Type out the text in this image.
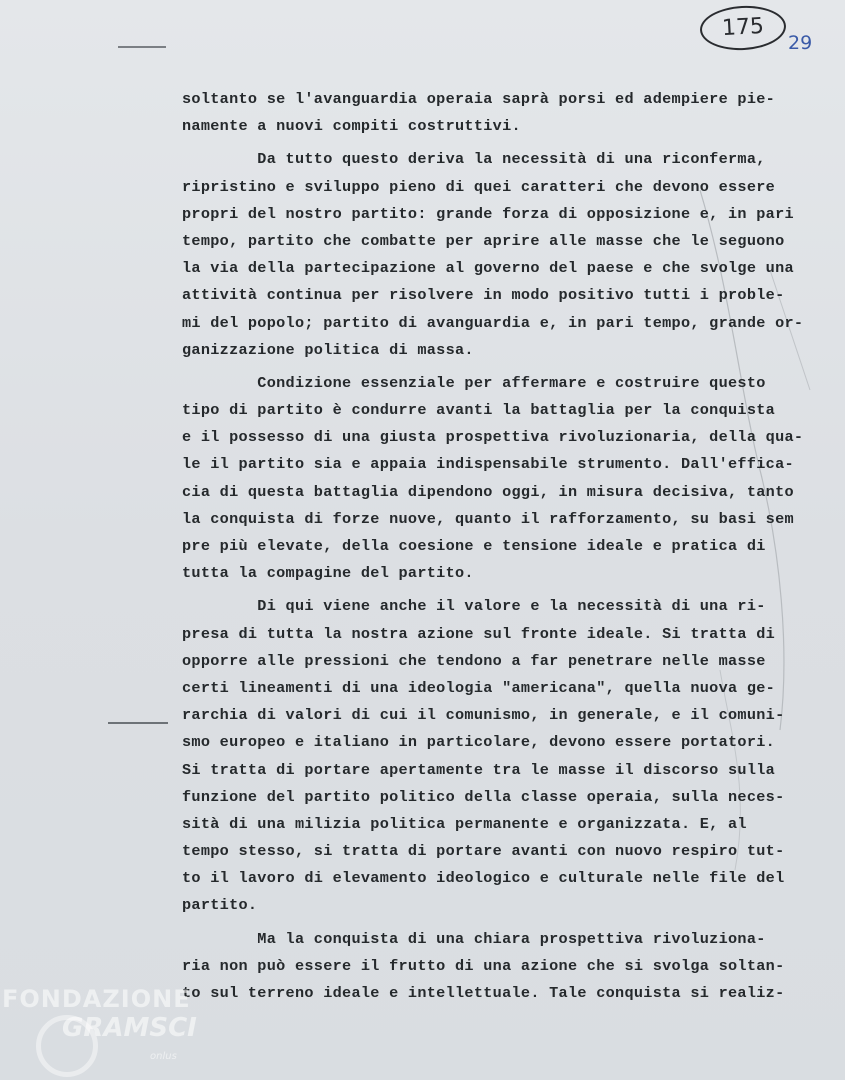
175
29
soltanto se l'avanguardia operaia saprà porsi ed adempiere pie-
namente a nuovi compiti costruttivi.
Da tutto questo deriva la necessità di una riconferma,
ripristino e sviluppo pieno di quei caratteri che devono essere
propri del nostro partito: grande forza di opposizione e, in pari
tempo, partito che combatte per aprire alle masse che le seguono
la via della partecipazione al governo del paese e che svolge una
attività continua per risolvere in modo positivo tutti i proble-
mi del popolo; partito di avanguardia e, in pari tempo, grande or-
ganizzazione politica di massa.
Condizione essenziale per affermare e costruire questo
tipo di partito è condurre avanti la battaglia per la conquista
e il possesso di una giusta prospettiva rivoluzionaria, della qua-
le il partito sia e appaia indispensabile strumento. Dall'effica-
cia di questa battaglia dipendono oggi, in misura decisiva, tanto
la conquista di forze nuove, quanto il rafforzamento, su basi sem
pre più elevate, della coesione e tensione ideale e pratica di
tutta la compagine del partito.
Di qui viene anche il valore e la necessità di una ri-
presa di tutta la nostra azione sul fronte ideale. Si tratta di
opporre alle pressioni che tendono a far penetrare nelle masse
certi lineamenti di una ideologia "americana", quella nuova ge-
rarchia di valori di cui il comunismo, in generale, e il comuni-
smo europeo e italiano in particolare, devono essere portatori.
Si tratta di portare apertamente tra le masse il discorso sulla
funzione del partito politico della classe operaia, sulla neces-
sità di una milizia politica permanente e organizzata. E, al
tempo stesso, si tratta di portare avanti con nuovo respiro tut-
to il lavoro di elevamento ideologico e culturale nelle file del
partito.
Ma la conquista di una chiara prospettiva rivoluziona-
ria non può essere il frutto di una azione che si svolga soltan-
to sul terreno ideale e intellettuale. Tale conquista si realiz-
FONDAZIONE
GRAMSCI
onlus
